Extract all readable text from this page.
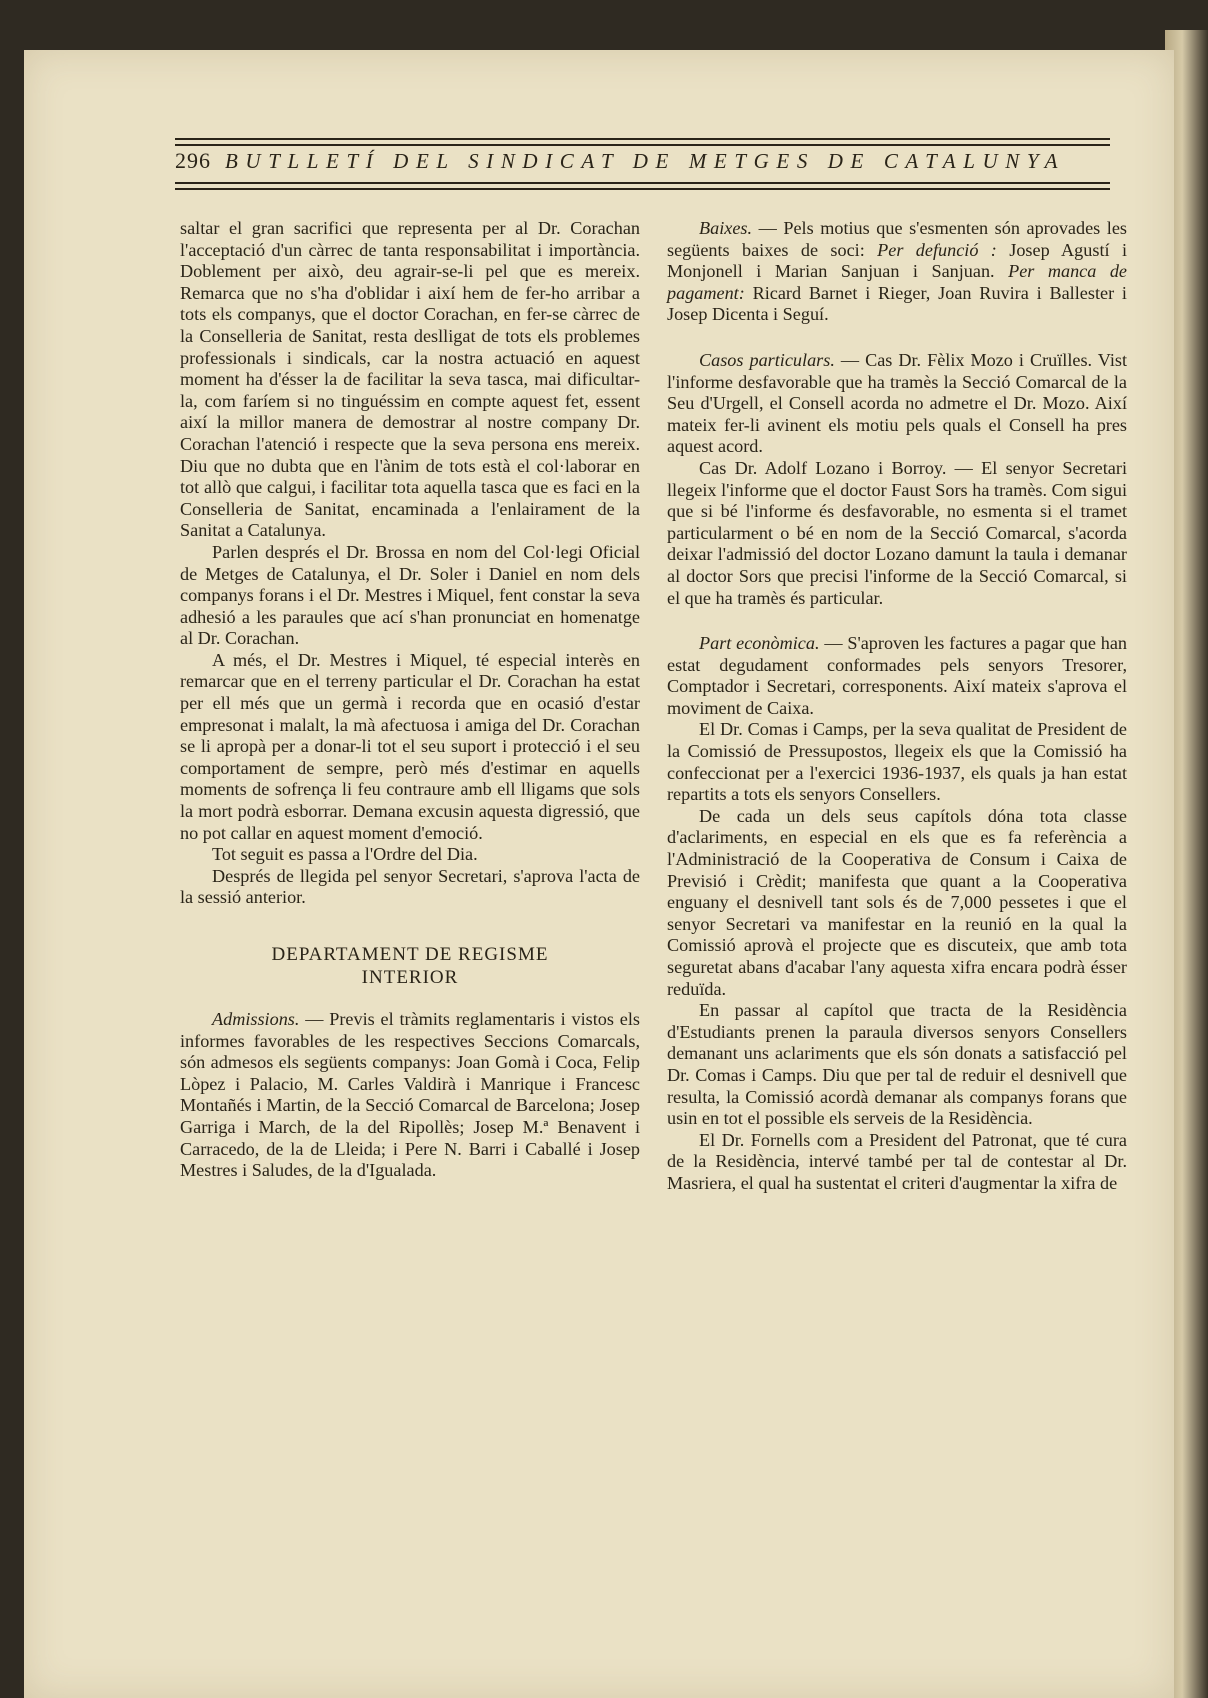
296 BUTLLETÍ DEL SINDICAT DE METGES DE CATALUNYA

saltar el gran sacrifici que representa per al Dr. Corachan l'acceptació d'un càrrec de tanta responsabilitat i importància. Doblement per això, deu agrair-se-li pel que es mereix. Remarca que no s'ha d'oblidar i així hem de fer-ho arribar a tots els companys, que el doctor Corachan, en fer-se càrrec de la Conselleria de Sanitat, resta deslligat de tots els problemes professionals i sindicals, car la nostra actuació en aquest moment ha d'ésser la de facilitar la seva tasca, mai dificultar-la, com faríem si no tinguéssim en compte aquest fet, essent així la millor manera de demostrar al nostre company Dr. Corachan l'atenció i respecte que la seva persona ens mereix. Diu que no dubta que en l'ànim de tots està el col·laborar en tot allò que calgui, i facilitar tota aquella tasca que es faci en la Conselleria de Sanitat, encaminada a l'enlairament de la Sanitat a Catalunya.

Parlen després el Dr. Brossa en nom del Col·legi Oficial de Metges de Catalunya, el Dr. Soler i Daniel en nom dels companys forans i el Dr. Mestres i Miquel, fent constar la seva adhesió a les paraules que ací s'han pronunciat en homenatge al Dr. Corachan.

A més, el Dr. Mestres i Miquel, té especial interès en remarcar que en el terreny particular el Dr. Corachan ha estat per ell més que un germà i recorda que en ocasió d'estar empresonat i malalt, la mà afectuosa i amiga del Dr. Corachan se li apropà per a donar-li tot el seu suport i protecció i el seu comportament de sempre, però més d'estimar en aquells moments de sofrença li feu contraure amb ell lligams que sols la mort podrà esborrar. Demana excusin aquesta digressió, que no pot callar en aquest moment d'emoció.

Tot seguit es passa a l'Ordre del Dia.

Després de llegida pel senyor Secretari, s'aprova l'acta de la sessió anterior.

DEPARTAMENT DE REGISME
INTERIOR

Admissions. — Previs el tràmits reglamentaris i vistos els informes favorables de les respectives Seccions Comarcals, són admesos els següents companys: Joan Gomà i Coca, Felip Lòpez i Palacio, M. Carles Valdirà i Manrique i Francesc Montañés i Martin, de la Secció Comarcal de Barcelona; Josep Garriga i March, de la del Ripollès; Josep M.ª Benavent i Carracedo, de la de Lleida; i Pere N. Barri i Caballé i Josep Mestres i Saludes, de la d'Igualada.

Baixes. — Pels motius que s'esmenten són aprovades les següents baixes de soci: Per defunció : Josep Agustí i Monjonell i Marian Sanjuan i Sanjuan. Per manca de pagament: Ricard Barnet i Rieger, Joan Ruvira i Ballester i Josep Dicenta i Seguí.

Casos particulars. — Cas Dr. Fèlix Mozo i Cruïlles. Vist l'informe desfavorable que ha tramès la Secció Comarcal de la Seu d'Urgell, el Consell acorda no admetre el Dr. Mozo. Així mateix fer-li avinent els motiu pels quals el Consell ha pres aquest acord.

Cas Dr. Adolf Lozano i Borroy. — El senyor Secretari llegeix l'informe que el doctor Faust Sors ha tramès. Com sigui que si bé l'informe és desfavorable, no esmenta si el tramet particularment o bé en nom de la Secció Comarcal, s'acorda deixar l'admissió del doctor Lozano damunt la taula i demanar al doctor Sors que precisi l'informe de la Secció Comarcal, si el que ha tramès és particular.

Part econòmica. — S'aproven les factures a pagar que han estat degudament conformades pels senyors Tresorer, Comptador i Secretari, corresponents. Així mateix s'aprova el moviment de Caixa.

El Dr. Comas i Camps, per la seva qualitat de President de la Comissió de Pressupostos, llegeix els que la Comissió ha confeccionat per a l'exercici 1936-1937, els quals ja han estat repartits a tots els senyors Consellers.

De cada un dels seus capítols dóna tota classe d'aclariments, en especial en els que es fa referència a l'Administració de la Cooperativa de Consum i Caixa de Previsió i Crèdit; manifesta que quant a la Cooperativa enguany el desnivell tant sols és de 7,000 pessetes i que el senyor Secretari va manifestar en la reunió en la qual la Comissió aprovà el projecte que es discuteix, que amb tota seguretat abans d'acabar l'any aquesta xifra encara podrà ésser reduïda.

En passar al capítol que tracta de la Residència d'Estudiants prenen la paraula diversos senyors Consellers demanant uns aclariments que els són donats a satisfacció pel Dr. Comas i Camps. Diu que per tal de reduir el desnivell que resulta, la Comissió acordà demanar als companys forans que usin en tot el possible els serveis de la Residència.

El Dr. Fornells com a President del Patronat, que té cura de la Residència, intervé també per tal de contestar al Dr. Masriera, el qual ha sustentat el criteri d'augmentar la xifra de
